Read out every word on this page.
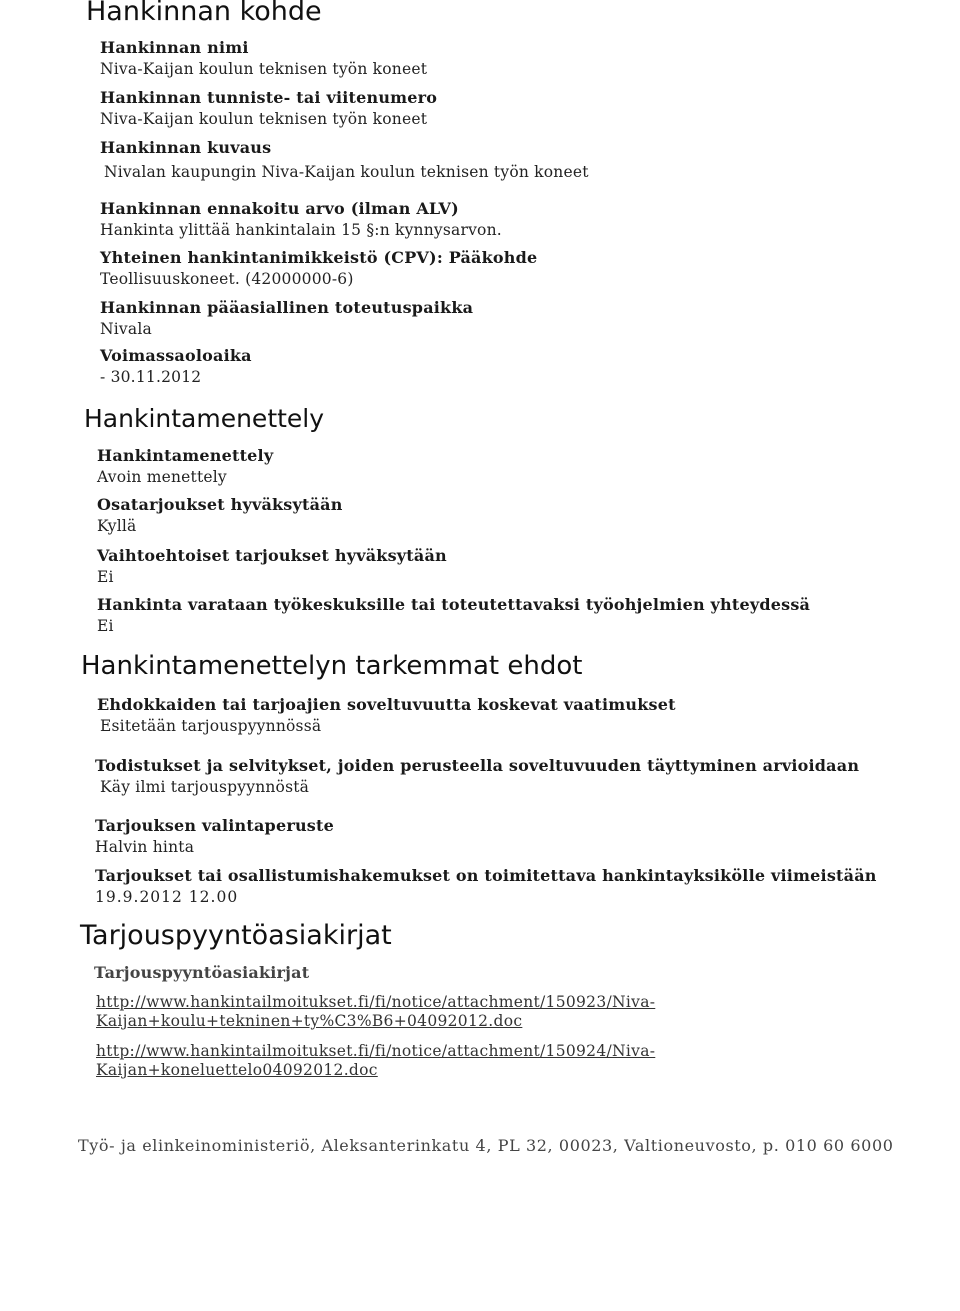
Hankinnan kohde
Hankinnan nimi
Niva-Kaijan koulun teknisen työn koneet
Hankinnan tunniste- tai viitenumero
Niva-Kaijan koulun teknisen työn koneet
Hankinnan kuvaus
Nivalan kaupungin Niva-Kaijan koulun teknisen työn koneet
Hankinnan ennakoitu arvo (ilman ALV)
Hankinta ylittää hankintalain 15 §:n kynnysarvon.
Yhteinen hankintanimikkeistö (CPV): Pääkohde
Teollisuuskoneet. (42000000-6)
Hankinnan pääasiallinen toteutuspaikka
Nivala
Voimassaoloaika
- 30.11.2012
Hankintamenettely
Hankintamenettely
Avoin menettely
Osatarjoukset hyväksytään
Kyllä
Vaihtoehtoiset tarjoukset hyväksytään
Ei
Hankinta varataan työkeskuksille tai toteutettavaksi työohjelmien yhteydessä
Ei
Hankintamenettelyn tarkemmat ehdot
Ehdokkaiden tai tarjoajien soveltuvuutta koskevat vaatimukset
Esitetään tarjouspyynnössä
Todistukset ja selvitykset, joiden perusteella soveltuvuuden täyttyminen arvioidaan
Käy ilmi tarjouspyynnöstä
Tarjouksen valintaperuste
Halvin hinta
Tarjoukset tai osallistumishakemukset on toimitettava hankintayksikölle viimeistään
19.9.2012 12.00
Tarjouspyyntöasiakirjat
Tarjouspyyntöasiakirjat
http://www.hankintailmoitukset.fi/fi/notice/attachment/150923/Niva-
Kaijan+koulu+tekninen+ty%C3%B6+04092012.doc
http://www.hankintailmoitukset.fi/fi/notice/attachment/150924/Niva-
Kaijan+koneluettelo04092012.doc
Työ- ja elinkeinoministeriö, Aleksanterinkatu 4, PL 32, 00023, Valtioneuvosto, p. 010 60 6000
